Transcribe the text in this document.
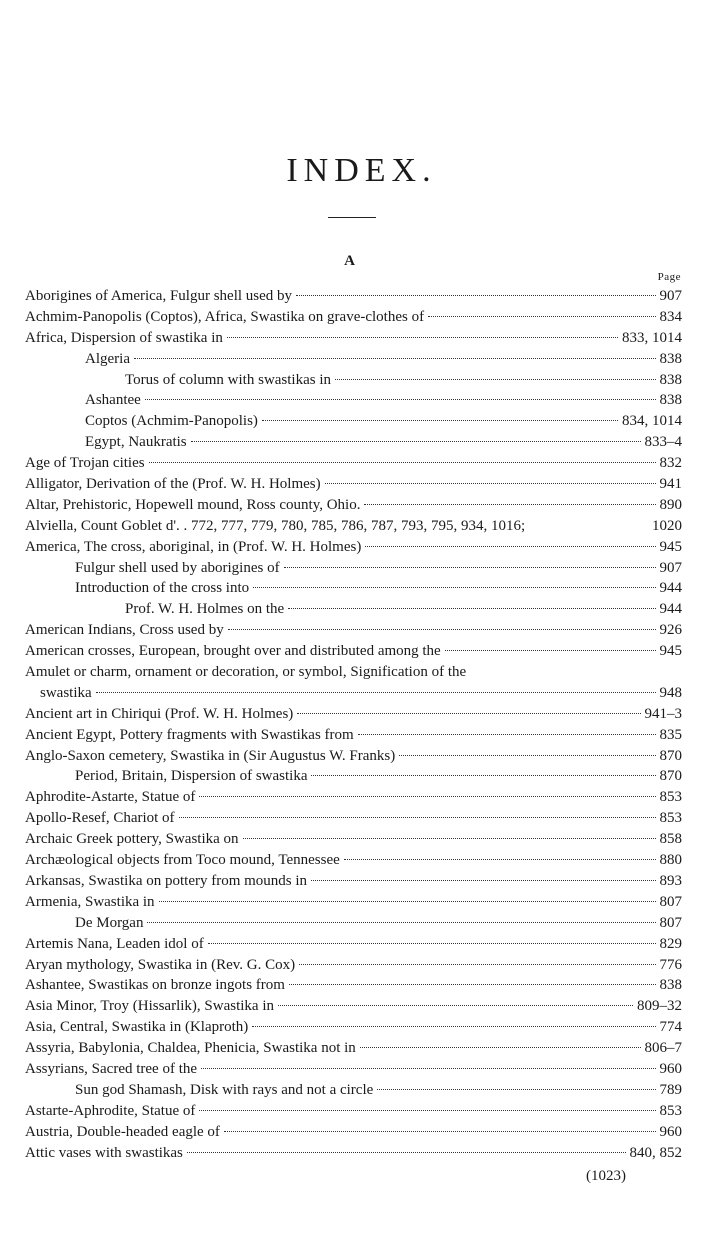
INDEX.
A
Page
Aborigines of America, Fulgur shell used by	907
Achmim-Panopolis (Coptos), Africa, Swastika on grave-clothes of	834
Africa, Dispersion of swastika in	833, 1014
Algeria	838
Torus of column with swastikas in	838
Ashantee	838
Coptos (Achmim-Panopolis)	834, 1014
Egypt, Naukratis	833–4
Age of Trojan cities	832
Alligator, Derivation of the (Prof. W. H. Holmes)	941
Altar, Prehistoric, Hopewell mound, Ross county, Ohio.	890
Alviella, Count Goblet d'. . 772, 777, 779, 780, 785, 786, 787, 793, 795, 934, 1016;	1020
America, The cross, aboriginal, in (Prof. W. H. Holmes)	945
Fulgur shell used by aborigines of	907
Introduction of the cross into	944
Prof. W. H. Holmes on the	944
American Indians, Cross used by	926
American crosses, European, brought over and distributed among the	945
Amulet or charm, ornament or decoration, or symbol, Signification of the
swastika	948
Ancient art in Chiriqui (Prof. W. H. Holmes)	941–3
Ancient Egypt, Pottery fragments with Swastikas from	835
Anglo-Saxon cemetery, Swastika in (Sir Augustus W. Franks)	870
Period, Britain, Dispersion of swastika	870
Aphrodite-Astarte, Statue of	853
Apollo-Resef, Chariot of	853
Archaic Greek pottery, Swastika on	858
Archæological objects from Toco mound, Tennessee	880
Arkansas, Swastika on pottery from mounds in	893
Armenia, Swastika in	807
De Morgan	807
Artemis Nana, Leaden idol of	829
Aryan mythology, Swastika in (Rev. G. Cox)	776
Ashantee, Swastikas on bronze ingots from	838
Asia Minor, Troy (Hissarlik), Swastika in	809–32
Asia, Central, Swastika in (Klaproth)	774
Assyria, Babylonia, Chaldea, Phenicia, Swastika not in	806–7
Assyrians, Sacred tree of the	960
Sun god Shamash, Disk with rays and not a circle	789
Astarte-Aphrodite, Statue of	853
Austria, Double-headed eagle of	960
Attic vases with swastikas	840, 852
(1023)
